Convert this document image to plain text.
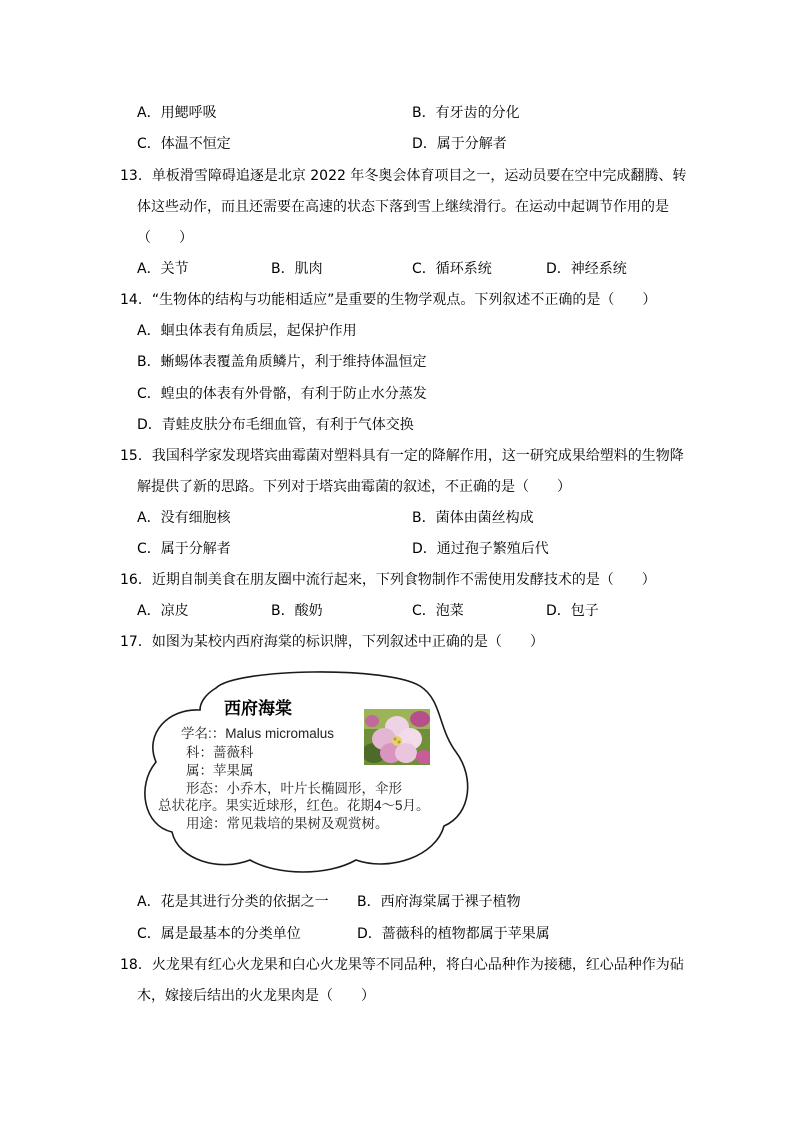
A．用鳃呼吸	B．有牙齿的分化
C．体温不恒定	D．属于分解者
13．单板滑雪障碍追逐是北京 2022 年冬奥会体育项目之一，运动员要在空中完成翻腾、转
体这些动作，而且还需要在高速的状态下落到雪上继续滑行。在运动中起调节作用的是
（　　）
A．关节	B．肌肉	C．循环系统	D．神经系统
14．“生物体的结构与功能相适应”是重要的生物学观点。下列叙述不正确的是（　　）
A．蛔虫体表有角质层，起保护作用
B．蜥蜴体表覆盖角质鳞片，利于维持体温恒定
C．蝗虫的体表有外骨骼，有利于防止水分蒸发
D．青蛙皮肤分布毛细血管，有利于气体交换
15．我国科学家发现塔宾曲霉菌对塑料具有一定的降解作用，这一研究成果给塑料的生物降
解提供了新的思路。下列对于塔宾曲霉菌的叙述，不正确的是（　　）
A．没有细胞核	B．菌体由菌丝构成
C．属于分解者	D．通过孢子繁殖后代
16．近期自制美食在朋友圈中流行起来，下列食物制作不需使用发酵技术的是（　　）
A．凉皮	B．酸奶	C．泡菜	D．包子
17．如图为某校内西府海棠的标识牌，下列叙述中正确的是（　　）
西府海棠
学名:：Malus micromalus
科：蔷薇科
属：苹果属
形态：小乔木，叶片长椭圆形，伞形
总状花序。果实近球形，红色。花期4～5月。
用途：常见栽培的果树及观赏树。
A．花是其进行分类的依据之一 B．西府海棠属于裸子植物
C．属是最基本的分类单位	D．蔷薇科的植物都属于苹果属
18．火龙果有红心火龙果和白心火龙果等不同品种，将白心品种作为接穗，红心品种作为砧
木，嫁接后结出的火龙果肉是（　　）
